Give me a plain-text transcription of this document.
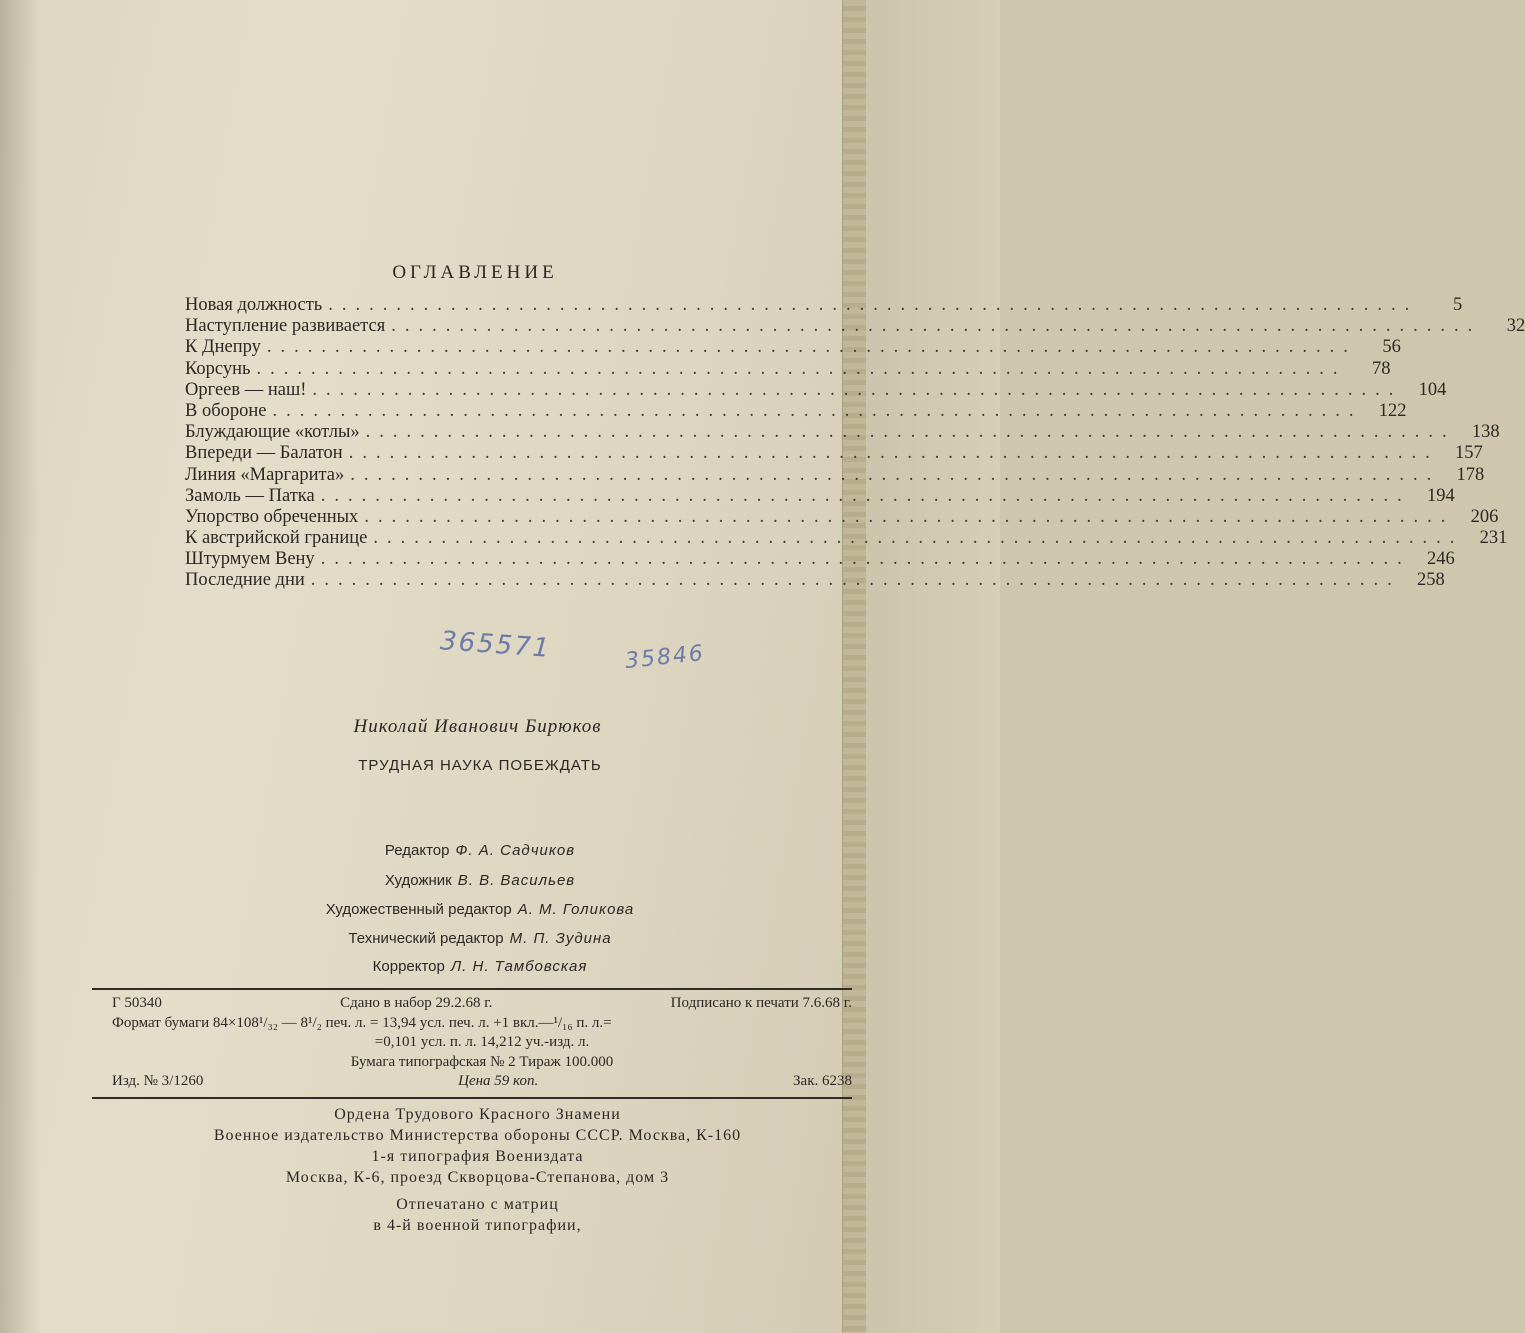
ОГЛАВЛЕНИЕ
Новая должность ................................................................................	5
Наступление развивается ................................................................................	32
К Днепру ................................................................................	56
Корсунь ................................................................................	78
Оргеев — наш! ................................................................................ 104
В обороне ................................................................................ 122
Блуждающие «котлы» ................................................................................ 138
Впереди — Балатон ................................................................................ 157
Линия «Маргарита» ................................................................................ 178
Замоль — Патка ................................................................................ 194
Упорство обреченных ................................................................................ 206
К австрийской границе ................................................................................ 231
Штурмуем Вену ................................................................................ 246
Последние дни ................................................................................ 258
365571	35846
Николай Иванович Бирюков
ТРУДНАЯ НАУКА ПОБЕЖДАТЬ
Редактор Ф. А. Садчиков
Художник В. В. Васильев
Художественный редактор А. М. Голикова
Технический редактор М. П. Зудина
Корректор Л. Н. Тамбовская
Г 50340	Сдано в набор 29.2.68 г.	Подписано к печати 7.6.68 г.
Формат бумаги 84×108¹/₃₂ — 8¹/₂ печ. л. = 13,94 усл. печ. л. +1 вкл.—¹/₁₆ п. л.=
=0,101 усл. п. л. 14,212 уч.-изд. л.
Бумага типографская № 2 Тираж 100.000
Изд. № 3/1260	Цена 59 коп.	Зак. 6238
Ордена Трудового Красного Знамени
Военное издательство Министерства обороны СССР. Москва, К-160
1-я типография Воениздата
Москва, К-6, проезд Скворцова-Степанова, дом 3
Отпечатано с матриц
в 4-й военной типографии,
